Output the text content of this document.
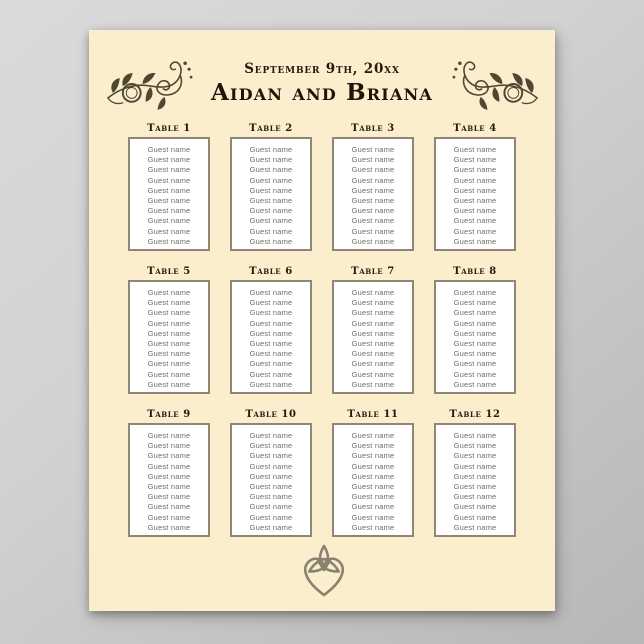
September 9th, 20xx
Aidan and Briana
Table 1
Guest name
Guest name
Guest name
Guest name
Guest name
Guest name
Guest name
Guest name
Guest name
Guest name
Table 2
Guest name
Guest name
Guest name
Guest name
Guest name
Guest name
Guest name
Guest name
Guest name
Guest name
Table 3
Guest name
Guest name
Guest name
Guest name
Guest name
Guest name
Guest name
Guest name
Guest name
Guest name
Table 4
Guest name
Guest name
Guest name
Guest name
Guest name
Guest name
Guest name
Guest name
Guest name
Guest name
Table 5
Guest name
Guest name
Guest name
Guest name
Guest name
Guest name
Guest name
Guest name
Guest name
Guest name
Table 6
Guest name
Guest name
Guest name
Guest name
Guest name
Guest name
Guest name
Guest name
Guest name
Guest name
Table 7
Guest name
Guest name
Guest name
Guest name
Guest name
Guest name
Guest name
Guest name
Guest name
Guest name
Table 8
Guest name
Guest name
Guest name
Guest name
Guest name
Guest name
Guest name
Guest name
Guest name
Guest name
Table 9
Guest name
Guest name
Guest name
Guest name
Guest name
Guest name
Guest name
Guest name
Guest name
Guest name
Table 10
Guest name
Guest name
Guest name
Guest name
Guest name
Guest name
Guest name
Guest name
Guest name
Guest name
Table 11
Guest name
Guest name
Guest name
Guest name
Guest name
Guest name
Guest name
Guest name
Guest name
Guest name
Table 12
Guest name
Guest name
Guest name
Guest name
Guest name
Guest name
Guest name
Guest name
Guest name
Guest name
